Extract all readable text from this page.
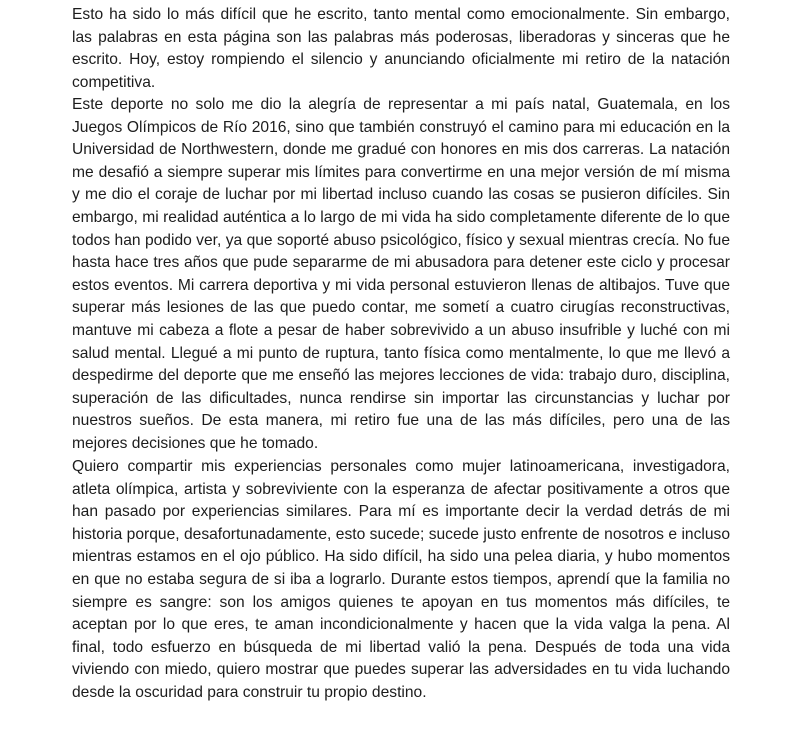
Esto ha sido lo más difícil que he escrito, tanto mental como emocionalmente. Sin embargo, las palabras en esta página son las palabras más poderosas, liberadoras y sinceras que he escrito. Hoy, estoy rompiendo el silencio y anunciando oficialmente mi retiro de la natación competitiva.

Este deporte no solo me dio la alegría de representar a mi país natal, Guatemala, en los Juegos Olímpicos de Río 2016, sino que también construyó el camino para mi educación en la Universidad de Northwestern, donde me gradué con honores en mis dos carreras. La natación me desafió a siempre superar mis límites para convertirme en una mejor versión de mí misma y me dio el coraje de luchar por mi libertad incluso cuando las cosas se pusieron difíciles. Sin embargo, mi realidad auténtica a lo largo de mi vida ha sido completamente diferente de lo que todos han podido ver, ya que soporté abuso psicológico, físico y sexual mientras crecía. No fue hasta hace tres años que pude separarme de mi abusadora para detener este ciclo y procesar estos eventos. Mi carrera deportiva y mi vida personal estuvieron llenas de altibajos. Tuve que superar más lesiones de las que puedo contar, me sometí a cuatro cirugías reconstructivas, mantuve mi cabeza a flote a pesar de haber sobrevivido a un abuso insufrible y luché con mi salud mental. Llegué a mi punto de ruptura, tanto física como mentalmente, lo que me llevó a despedirme del deporte que me enseñó las mejores lecciones de vida: trabajo duro, disciplina, superación de las dificultades, nunca rendirse sin importar las circunstancias y luchar por nuestros sueños. De esta manera, mi retiro fue una de las más difíciles, pero una de las mejores decisiones que he tomado.

Quiero compartir mis experiencias personales como mujer latinoamericana, investigadora, atleta olímpica, artista y sobreviviente con la esperanza de afectar positivamente a otros que han pasado por experiencias similares. Para mí es importante decir la verdad detrás de mi historia porque, desafortunadamente, esto sucede; sucede justo enfrente de nosotros e incluso mientras estamos en el ojo público. Ha sido difícil, ha sido una pelea diaria, y hubo momentos en que no estaba segura de si iba a lograrlo. Durante estos tiempos, aprendí que la familia no siempre es sangre: son los amigos quienes te apoyan en tus momentos más difíciles, te aceptan por lo que eres, te aman incondicionalmente y hacen que la vida valga la pena. Al final, todo esfuerzo en búsqueda de mi libertad valió la pena. Después de toda una vida viviendo con miedo, quiero mostrar que puedes superar las adversidades en tu vida luchando desde la oscuridad para construir tu propio destino.
